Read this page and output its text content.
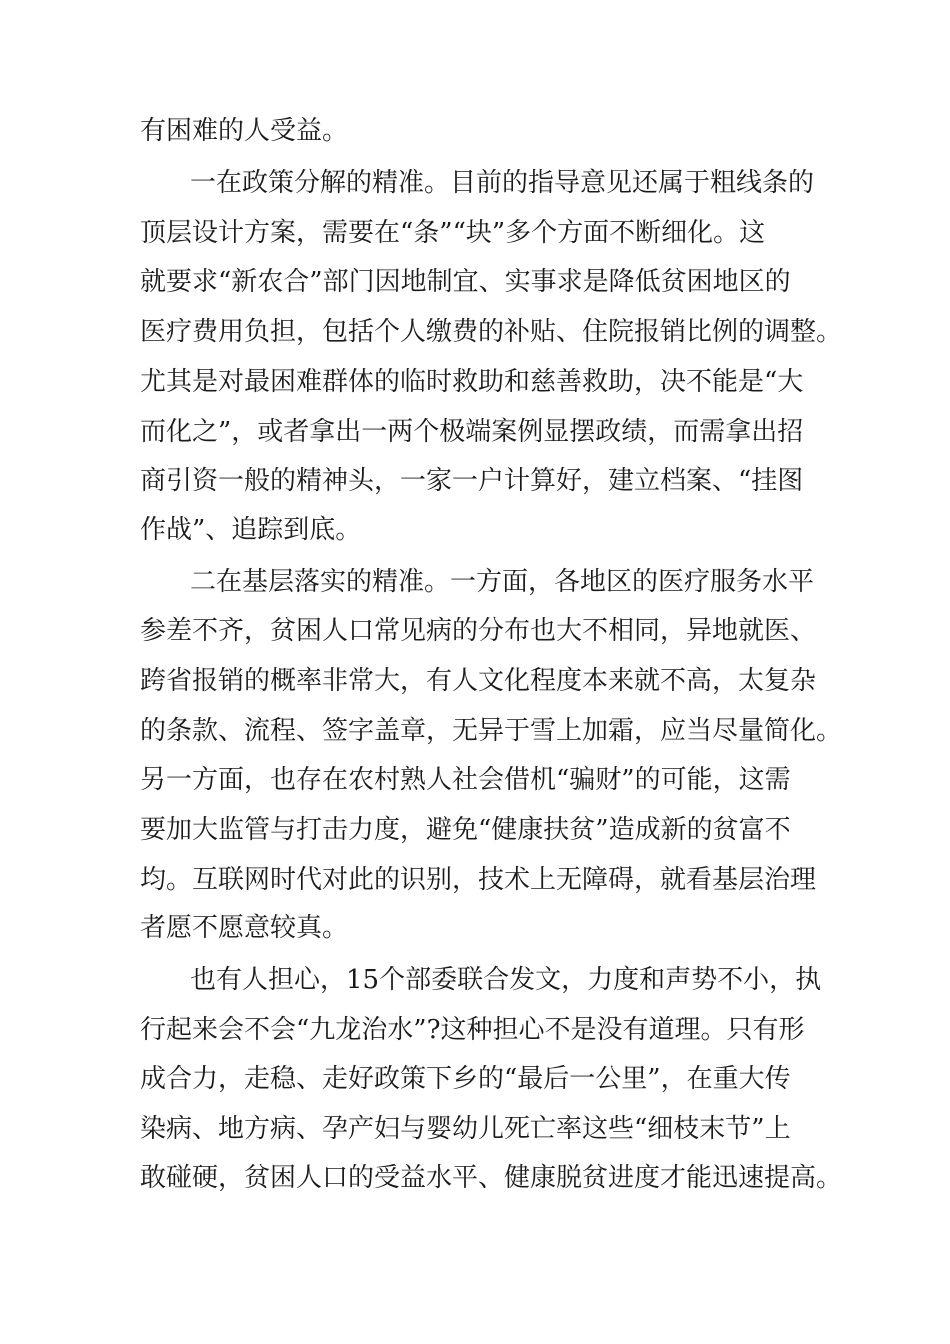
有困难的人受益。

一在政策分解的精准。目前的指导意见还属于粗线条的

顶层设计方案，需要在“条”“块”多个方面不断细化。这

就要求“新农合”部门因地制宜、实事求是降低贫困地区的

医疗费用负担，包括个人缴费的补贴、住院报销比例的调整。

尤其是对最困难群体的临时救助和慈善救助，决不能是“大

而化之”，或者拿出一两个极端案例显摆政绩，而需拿出招

商引资一般的精神头，一家一户计算好，建立档案、“挂图

作战”、追踪到底。

二在基层落实的精准。一方面，各地区的医疗服务水平

参差不齐，贫困人口常见病的分布也大不相同，异地就医、

跨省报销的概率非常大，有人文化程度本来就不高，太复杂

的条款、流程、签字盖章，无异于雪上加霜，应当尽量简化。

另一方面，也存在农村熟人社会借机“骗财”的可能，这需

要加大监管与打击力度，避免“健康扶贫”造成新的贫富不

均。互联网时代对此的识别，技术上无障碍，就看基层治理

者愿不愿意较真。

也有人担心，15个部委联合发文，力度和声势不小，执

行起来会不会“九龙治水”?这种担心不是没有道理。只有形

成合力，走稳、走好政策下乡的“最后一公里”，在重大传

染病、地方病、孕产妇与婴幼儿死亡率这些“细枝末节”上

敢碰硬，贫困人口的受益水平、健康脱贫进度才能迅速提高。
